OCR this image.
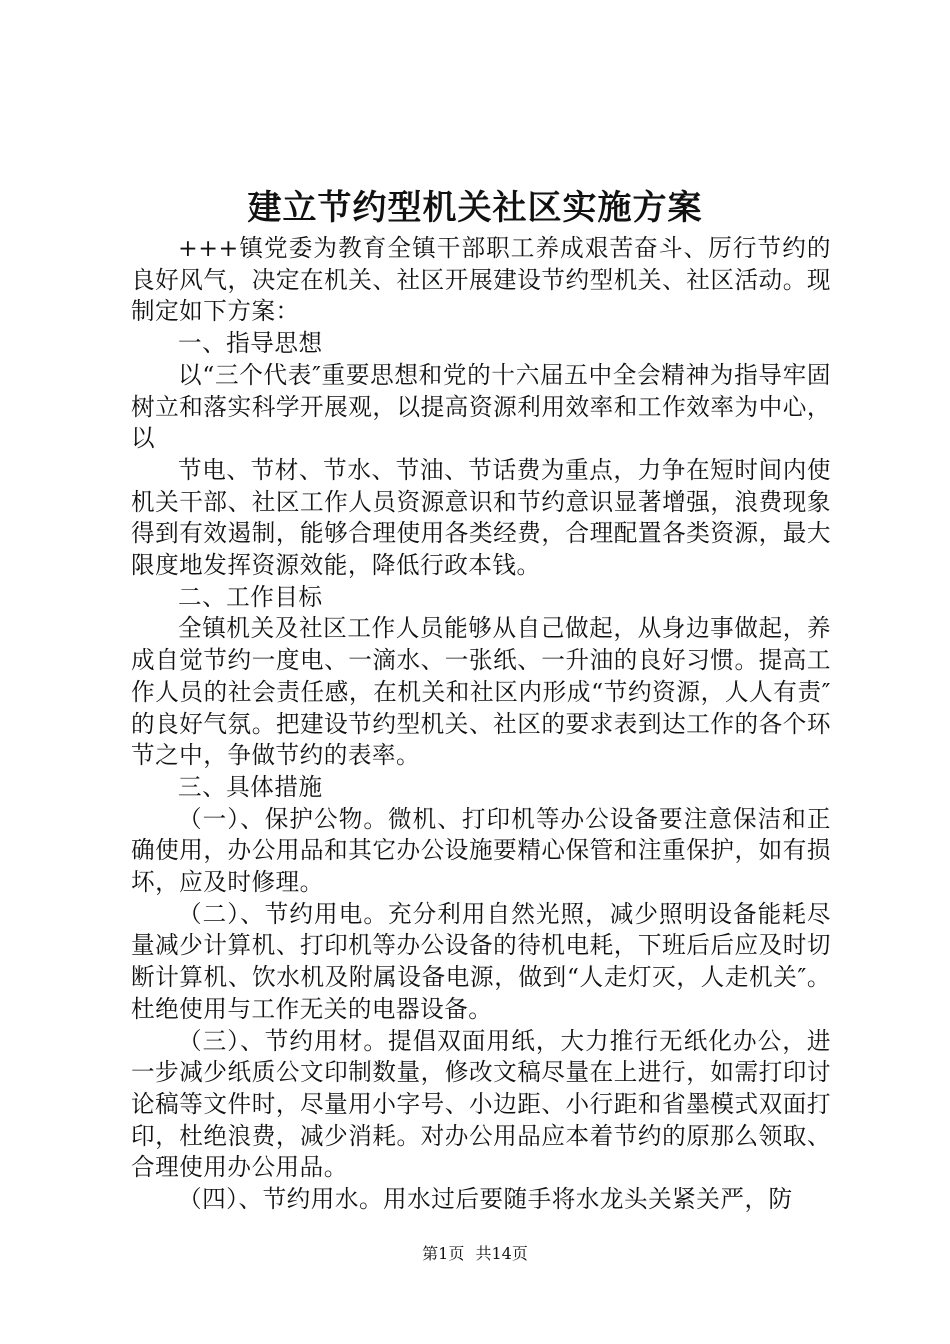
建立节约型机关社区实施方案

+++镇党委为教育全镇干部职工养成艰苦奋斗、厉行节约的良好风气，决定在机关、社区开展建设节约型机关、社区活动。现制定如下方案：

一、指导思想

以“三个代表″重要思想和党的十六届五中全会精神为指导牢固树立和落实科学开展观，以提高资源利用效率和工作效率为中心，以

节电、节材、节水、节油、节话费为重点，力争在短时间内使机关干部、社区工作人员资源意识和节约意识显著增强，浪费现象得到有效遏制，能够合理使用各类经费，合理配置各类资源，最大限度地发挥资源效能，降低行政本钱。

二、工作目标

全镇机关及社区工作人员能够从自己做起，从身边事做起，养成自觉节约一度电、一滴水、一张纸、一升油的良好习惯。提高工作人员的社会责任感，在机关和社区内形成“节约资源，人人有责″的良好气氛。把建设节约型机关、社区的要求表到达工作的各个环节之中，争做节约的表率。

三、具体措施

（一）、保护公物。微机、打印机等办公设备要注意保洁和正确使用，办公用品和其它办公设施要精心保管和注重保护，如有损坏，应及时修理。

（二）、节约用电。充分利用自然光照，减少照明设备能耗尽量减少计算机、打印机等办公设备的待机电耗，下班后后应及时切断计算机、饮水机及附属设备电源，做到“人走灯灭，人走机关″。杜绝使用与工作无关的电器设备。

（三）、节约用材。提倡双面用纸，大力推行无纸化办公，进一步减少纸质公文印制数量，修改文稿尽量在上进行，如需打印讨论稿等文件时，尽量用小字号、小边距、小行距和省墨模式双面打印，杜绝浪费，减少消耗。对办公用品应本着节约的原那么领取、合理使用办公用品。

（四）、节约用水。用水过后要随手将水龙头关紧关严，防

第1页 共14页
